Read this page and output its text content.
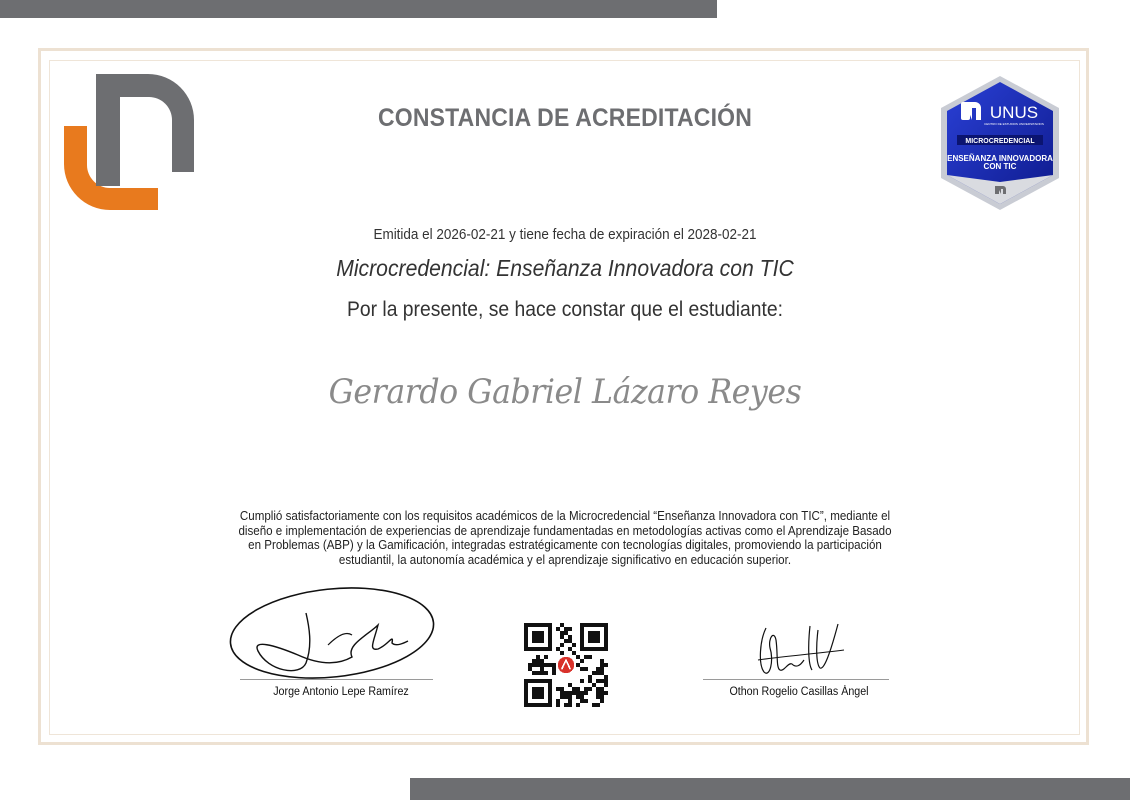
CONSTANCIA DE ACREDITACIÓN
Emitida el 2026-02-21 y tiene fecha de expiración el 2028-02-21
Microcredencial: Enseñanza Innovadora con TIC
Por la presente, se hace constar que el estudiante:
Gerardo Gabriel Lázaro Reyes
Cumplió satisfactoriamente con los requisitos académicos de la Microcredencial “Enseñanza Innovadora con TIC”, mediante el diseño e implementación de experiencias de aprendizaje fundamentadas en metodologías activas como el Aprendizaje Basado en Problemas (ABP) y la Gamificación, integradas estratégicamente con tecnologías digitales, promoviendo la participación estudiantil, la autonomía académica y el aprendizaje significativo en educación superior.
UNUS
CENTRO DE ESTUDIOS UNIVERSITARIOS
MICROCREDENCIAL
ENSEÑANZA INNOVADORA
CON TIC
Jorge Antonio Lepe Ramírez	Othon Rogelio Casillas Ángel
